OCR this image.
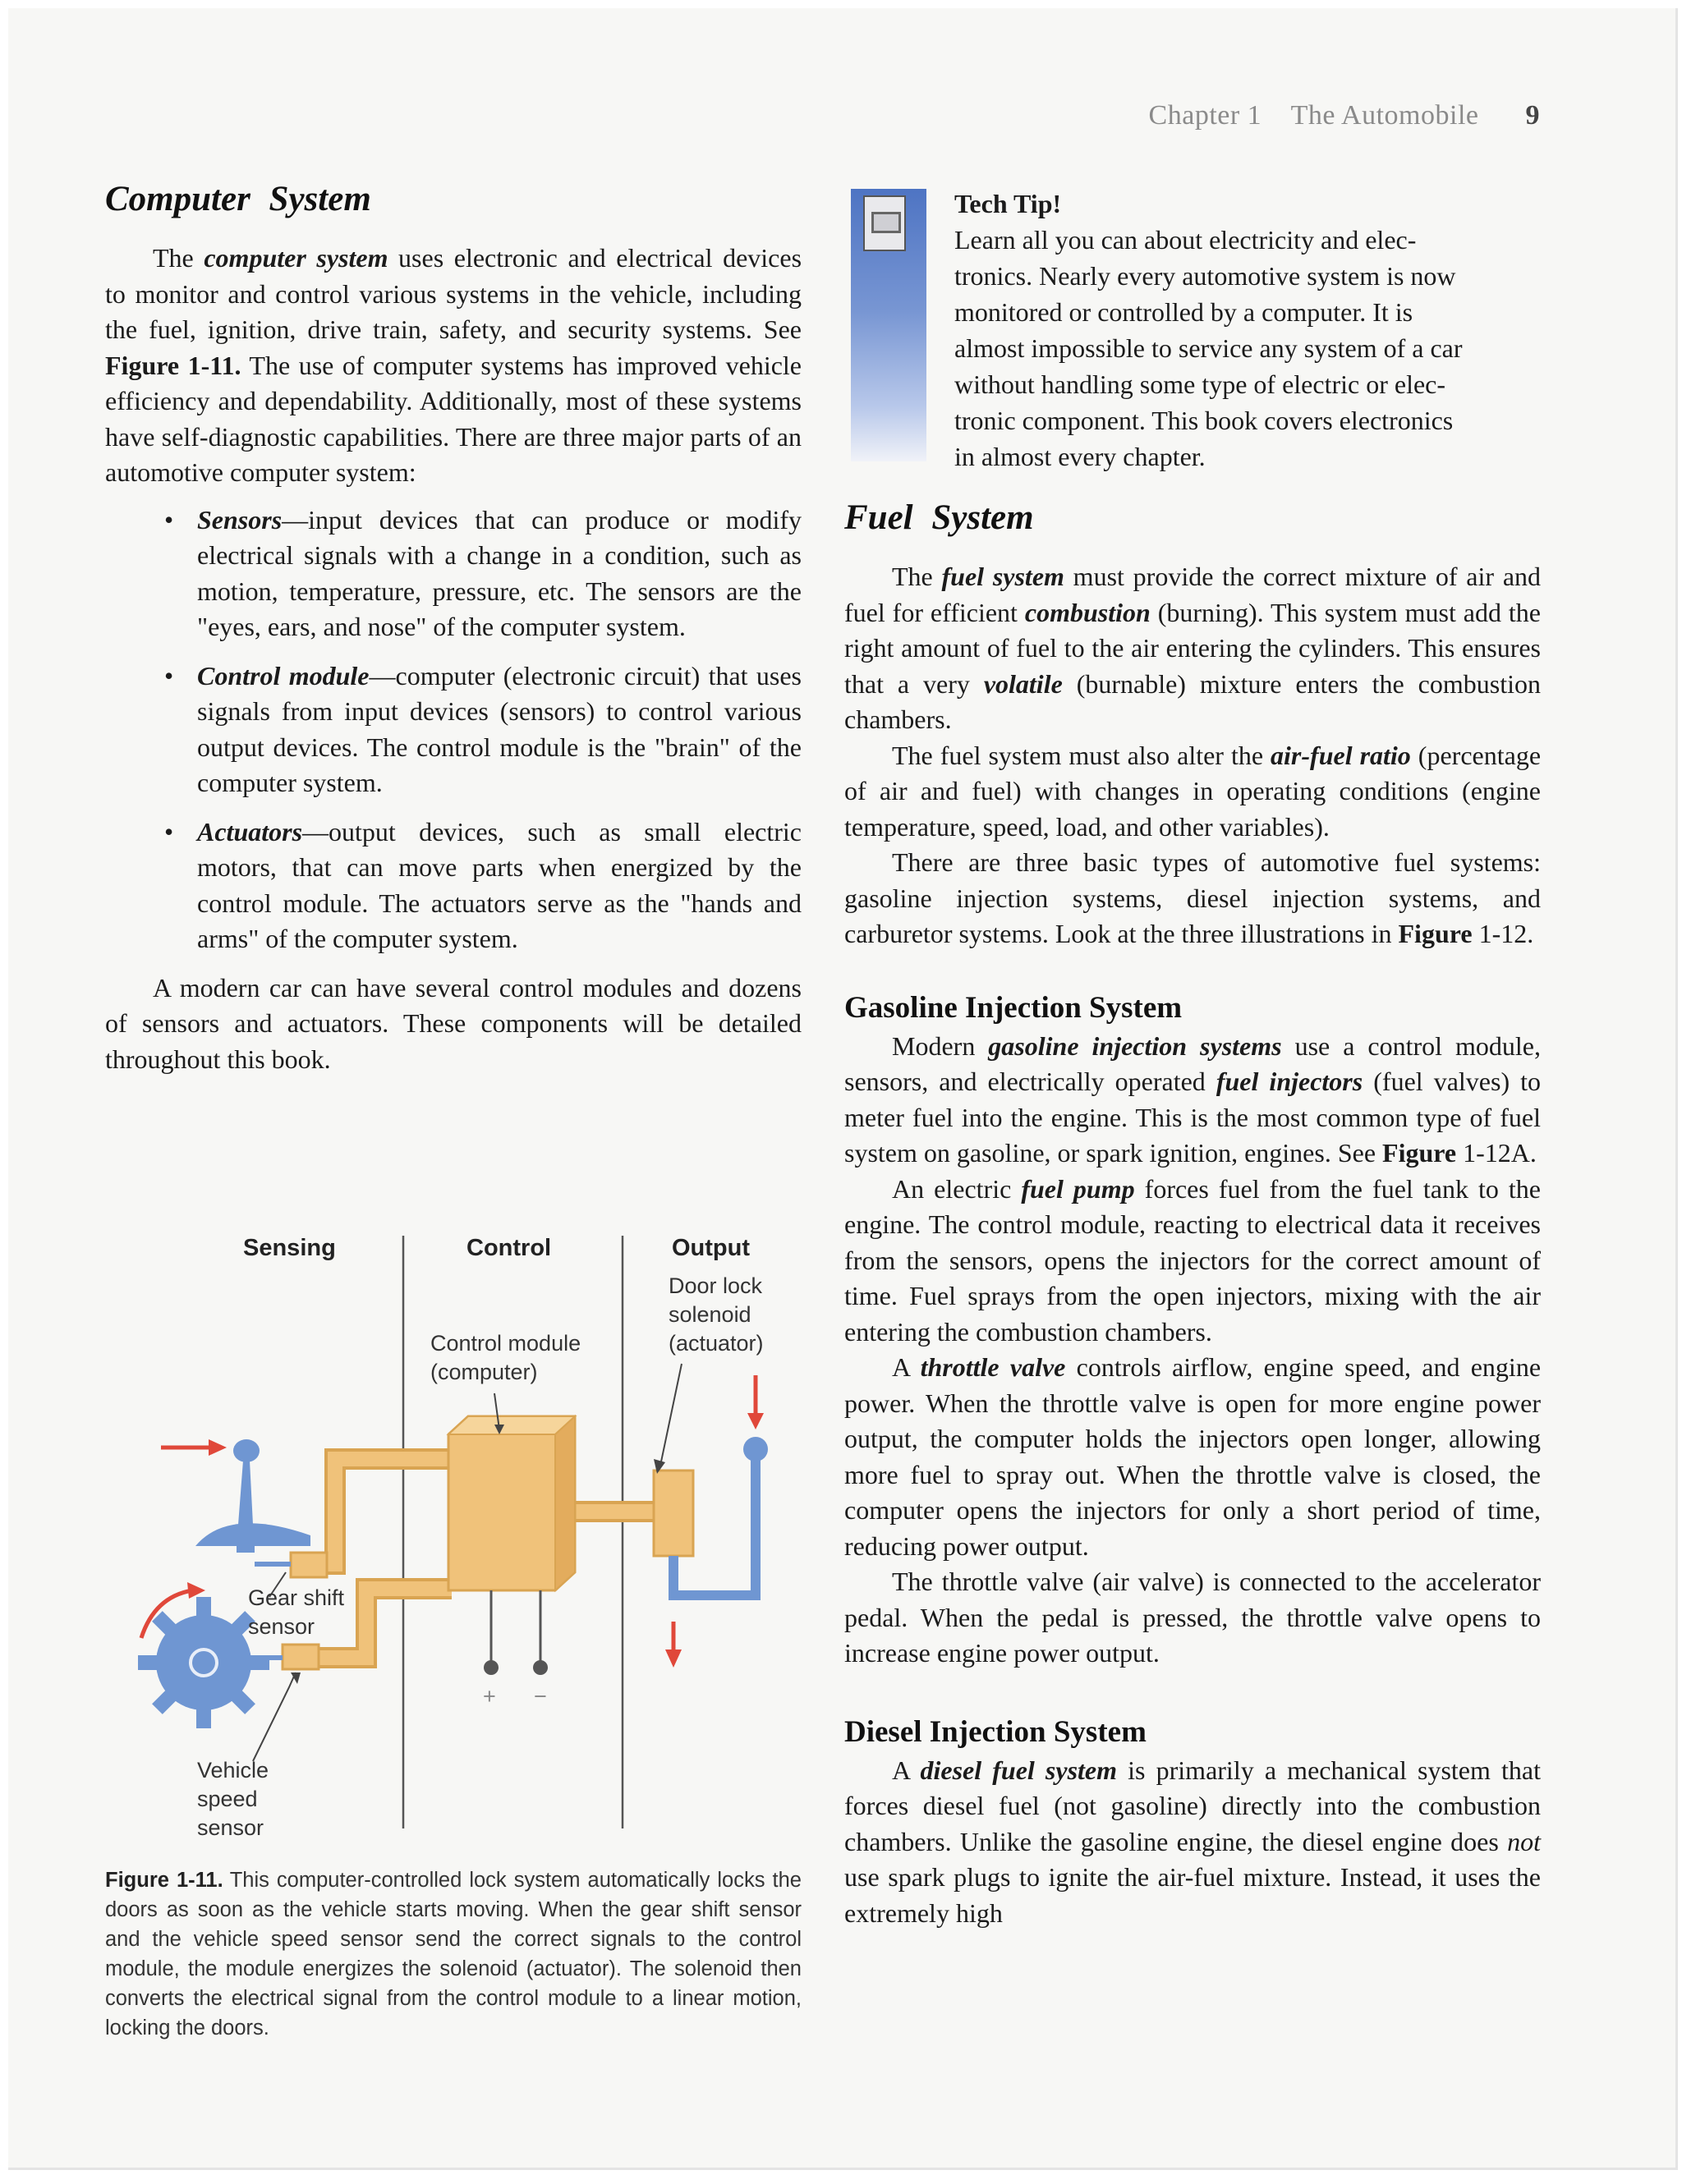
Chapter 1 The Automobile 9
Computer System

The computer system uses electronic and electrical devices to monitor and control various systems in the vehicle, including the fuel, ignition, drive train, safety, and security systems. See Figure 1-11. The use of computer systems has improved vehicle efficiency and dependability. Additionally, most of these systems have self-diagnostic capabilities. There are three major parts of an automotive computer system:

• Sensors—input devices that can produce or modify electrical signals with a change in a condition, such as motion, temperature, pressure, etc. The sensors are the "eyes, ears, and nose" of the computer system.
• Control module—computer (electronic circuit) that uses signals from input devices (sensors) to control various output devices. The control module is the "brain" of the computer system.
• Actuators—output devices, such as small electric motors, that can move parts when energized by the control module. The actuators serve as the "hands and arms" of the computer system.

A modern car can have several control modules and dozens of sensors and actuators. These components will be detailed throughout this book.

Sensing	Control	Output
Door lock
solenoid
(actuator)
Control module
(computer)
Gear shift
sensor
Vehicle
speed
sensor
+ −
Figure 1-11. This computer-controlled lock system automatically locks the doors as soon as the vehicle starts moving. When the gear shift sensor and the vehicle speed sensor send the correct signals to the control module, the module energizes the solenoid (actuator). The solenoid then converts the electrical signal from the control module to a linear motion, locking the doors.
Tech Tip!
Learn all you can about electricity and elec-
tronics. Nearly every automotive system is now
monitored or controlled by a computer. It is
almost impossible to service any system of a car
without handling some type of electric or elec-
tronic component. This book covers electronics
in almost every chapter.
Fuel System

The fuel system must provide the correct mixture of air and fuel for efficient combustion (burning). This system must add the right amount of fuel to the air entering the cylinders. This ensures that a very volatile (burnable) mixture enters the combustion chambers.

The fuel system must also alter the air-fuel ratio (percentage of air and fuel) with changes in operating conditions (engine temperature, speed, load, and other variables).

There are three basic types of automotive fuel systems: gasoline injection systems, diesel injection systems, and carburetor systems. Look at the three illustrations in Figure 1-12.

Gasoline Injection System

Modern gasoline injection systems use a control module, sensors, and electrically operated fuel injectors (fuel valves) to meter fuel into the engine. This is the most common type of fuel system on gasoline, or spark ignition, engines. See Figure 1-12A.

An electric fuel pump forces fuel from the fuel tank to the engine. The control module, reacting to electrical data it receives from the sensors, opens the injectors for the correct amount of time. Fuel sprays from the open injectors, mixing with the air entering the combustion chambers.

A throttle valve controls airflow, engine speed, and engine power. When the throttle valve is open for more engine power output, the computer holds the injectors open longer, allowing more fuel to spray out. When the throttle valve is closed, the computer opens the injectors for only a short period of time, reducing power output.

The throttle valve (air valve) is connected to the accelerator pedal. When the pedal is pressed, the throttle valve opens to increase engine power output.

Diesel Injection System

A diesel fuel system is primarily a mechanical system that forces diesel fuel (not gasoline) directly into the combustion chambers. Unlike the gasoline engine, the diesel engine does not use spark plugs to ignite the air-fuel mixture. Instead, it uses the extremely high
